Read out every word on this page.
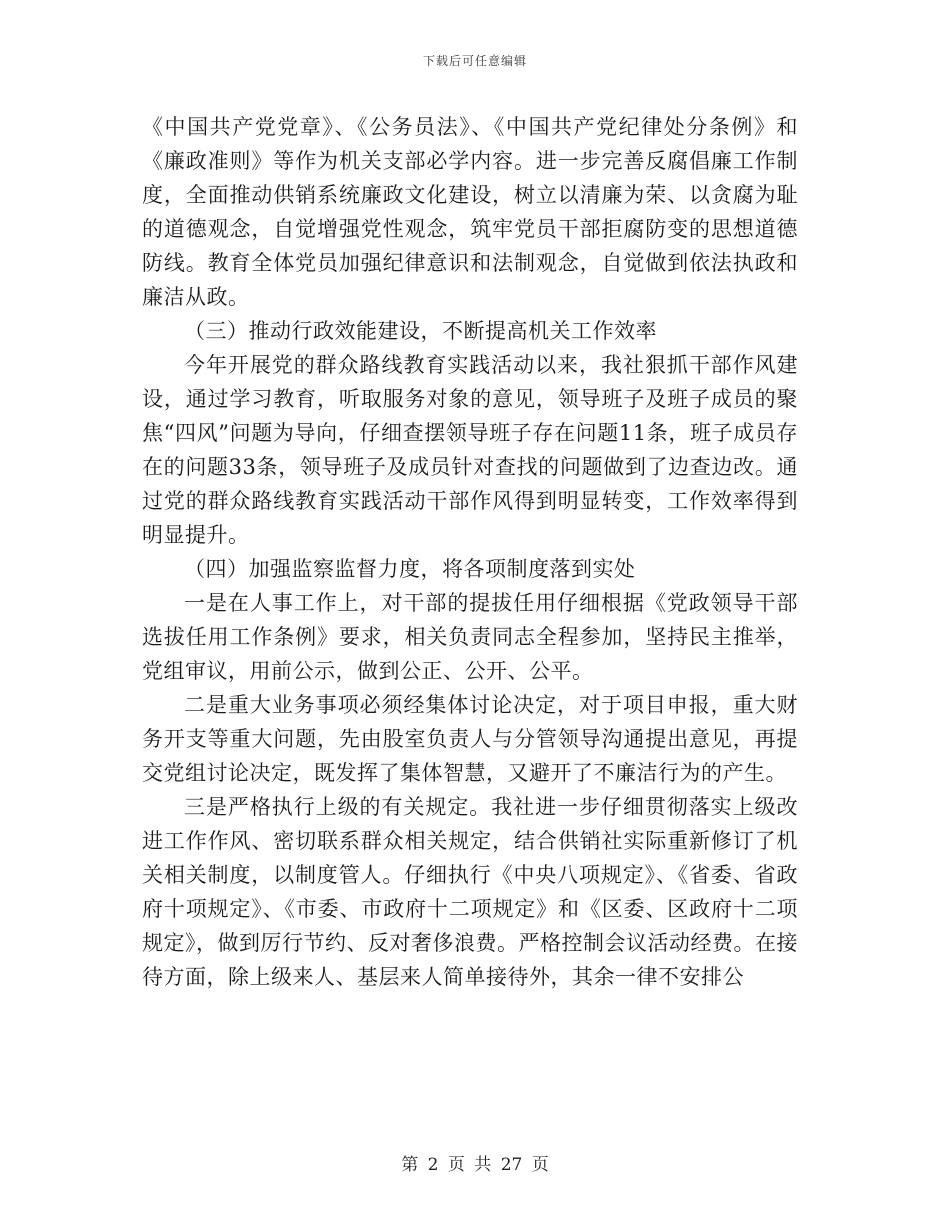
下载后可任意编辑

《中国共产党党章》、《公务员法》、《中国共产党纪律处分条例》和《廉政准则》等作为机关支部必学内容。进一步完善反腐倡廉工作制度，全面推动供销系统廉政文化建设，树立以清廉为荣、以贪腐为耻的道德观念，自觉增强党性观念，筑牢党员干部拒腐防变的思想道德防线。教育全体党员加强纪律意识和法制观念，自觉做到依法执政和廉洁从政。

（三）推动行政效能建设，不断提高机关工作效率

今年开展党的群众路线教育实践活动以来，我社狠抓干部作风建设，通过学习教育，听取服务对象的意见，领导班子及班子成员的聚焦“四风”问题为导向，仔细查摆领导班子存在问题11条，班子成员存在的问题33条，领导班子及成员针对查找的问题做到了边查边改。通过党的群众路线教育实践活动干部作风得到明显转变，工作效率得到明显提升。

（四）加强监察监督力度，将各项制度落到实处

一是在人事工作上，对干部的提拔任用仔细根据《党政领导干部选拔任用工作条例》要求，相关负责同志全程参加，坚持民主推举，党组审议，用前公示，做到公正、公开、公平。

二是重大业务事项必须经集体讨论决定，对于项目申报，重大财务开支等重大问题，先由股室负责人与分管领导沟通提出意见，再提交党组讨论决定，既发挥了集体智慧，又避开了不廉洁行为的产生。

三是严格执行上级的有关规定。我社进一步仔细贯彻落实上级改进工作作风、密切联系群众相关规定，结合供销社实际重新修订了机关相关制度，以制度管人。仔细执行《中央八项规定》、《省委、省政府十项规定》、《市委、市政府十二项规定》和《区委、区政府十二项规定》，做到厉行节约、反对奢侈浪费。严格控制会议活动经费。在接待方面，除上级来人、基层来人简单接待外，其余一律不安排公

第 2 页 共 27 页
